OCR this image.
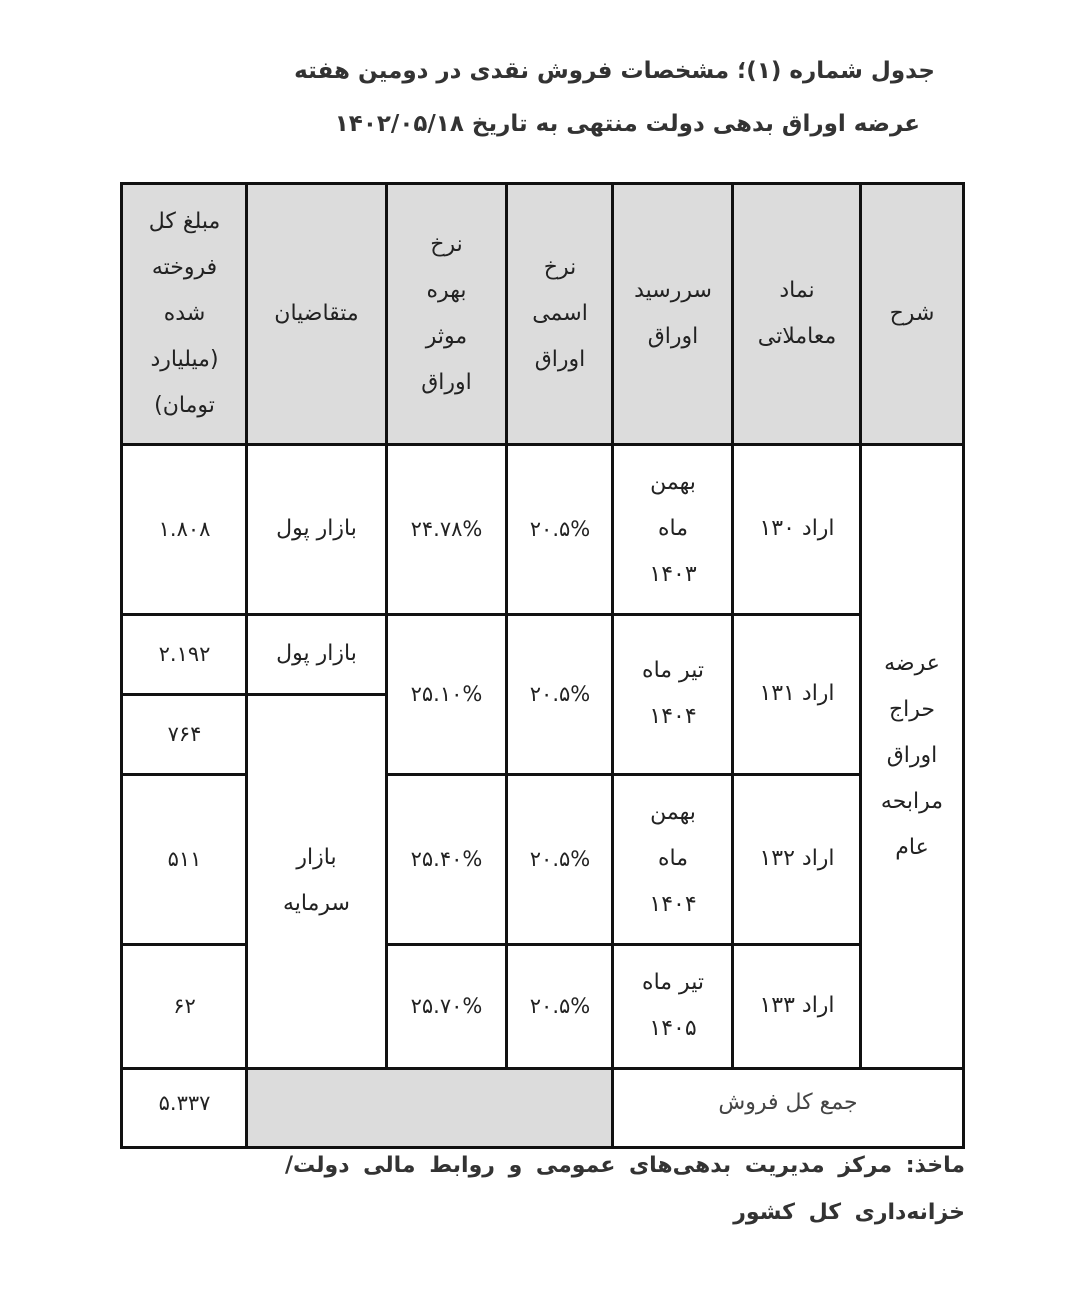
جدول شماره (۱)؛ مشخصات فروش نقدی در دومین هفته
عرضه اوراق بدهی دولت منتهی به تاریخ ۱۴۰۲/۰۵/۱۸
شرح
نماد
معاملاتی
سررسید
اوراق
نرخ
اسمی
اوراق
نرخ
بهره
موثر
اوراق
متقاضیان
مبلغ کل
فروخته
شده
(میلیارد
تومان)
عرضه
حراج
اوراق
مرابحه
عام
اراد ۱۳۰
بهمن
ماه
۱۴۰۳
۲۰.۵%
۲۴.۷۸%
بازار پول
۱.۸۰۸
اراد ۱۳۱
تیر ماه
۱۴۰۴
۲۰.۵%
۲۵.۱۰%
بازار پول
۲.۱۹۲
۷۶۴
بازار
سرمایه
اراد ۱۳۲
بهمن
ماه
۱۴۰۴
۲۰.۵%
۲۵.۴۰%
۵۱۱
اراد ۱۳۳
تیر ماه
۱۴۰۵
۲۰.۵%
۲۵.۷۰%
۶۲
جمع کل فروش
۵.۳۳۷
ماخذ: مرکز مدیریت بدهی‌های عمومی و روابط مالی دولت/
خزانه‌داری کل کشور
